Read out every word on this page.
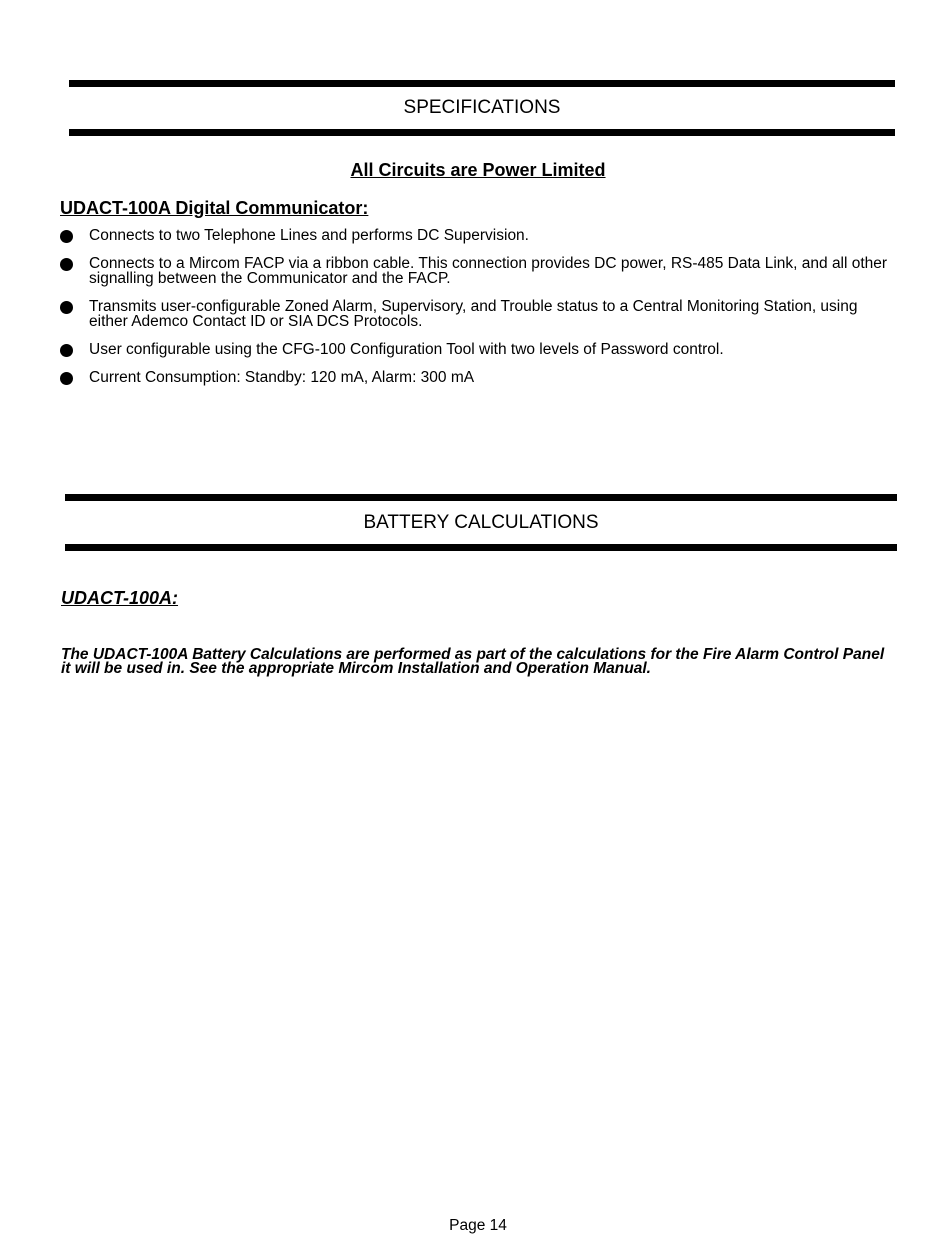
SPECIFICATIONS
All Circuits are Power Limited
UDACT-100A Digital Communicator:
Connects to two Telephone Lines and performs DC Supervision.
Connects to a Mircom FACP via a ribbon cable. This connection provides DC power, RS-485 Data Link, and all other signalling between the Communicator and the FACP.
Transmits user-configurable Zoned Alarm, Supervisory, and Trouble status to a Central Monitoring Station, using either Ademco Contact ID or SIA DCS Protocols.
User configurable using the CFG-100 Configuration Tool with two levels of Password control.
Current Consumption: Standby: 120 mA, Alarm: 300 mA
BATTERY CALCULATIONS
UDACT-100A:
The UDACT-100A Battery Calculations are performed as part of the calculations for the Fire Alarm Control Panel it will be used in. See the appropriate Mircom Installation and Operation Manual.
Page 14
